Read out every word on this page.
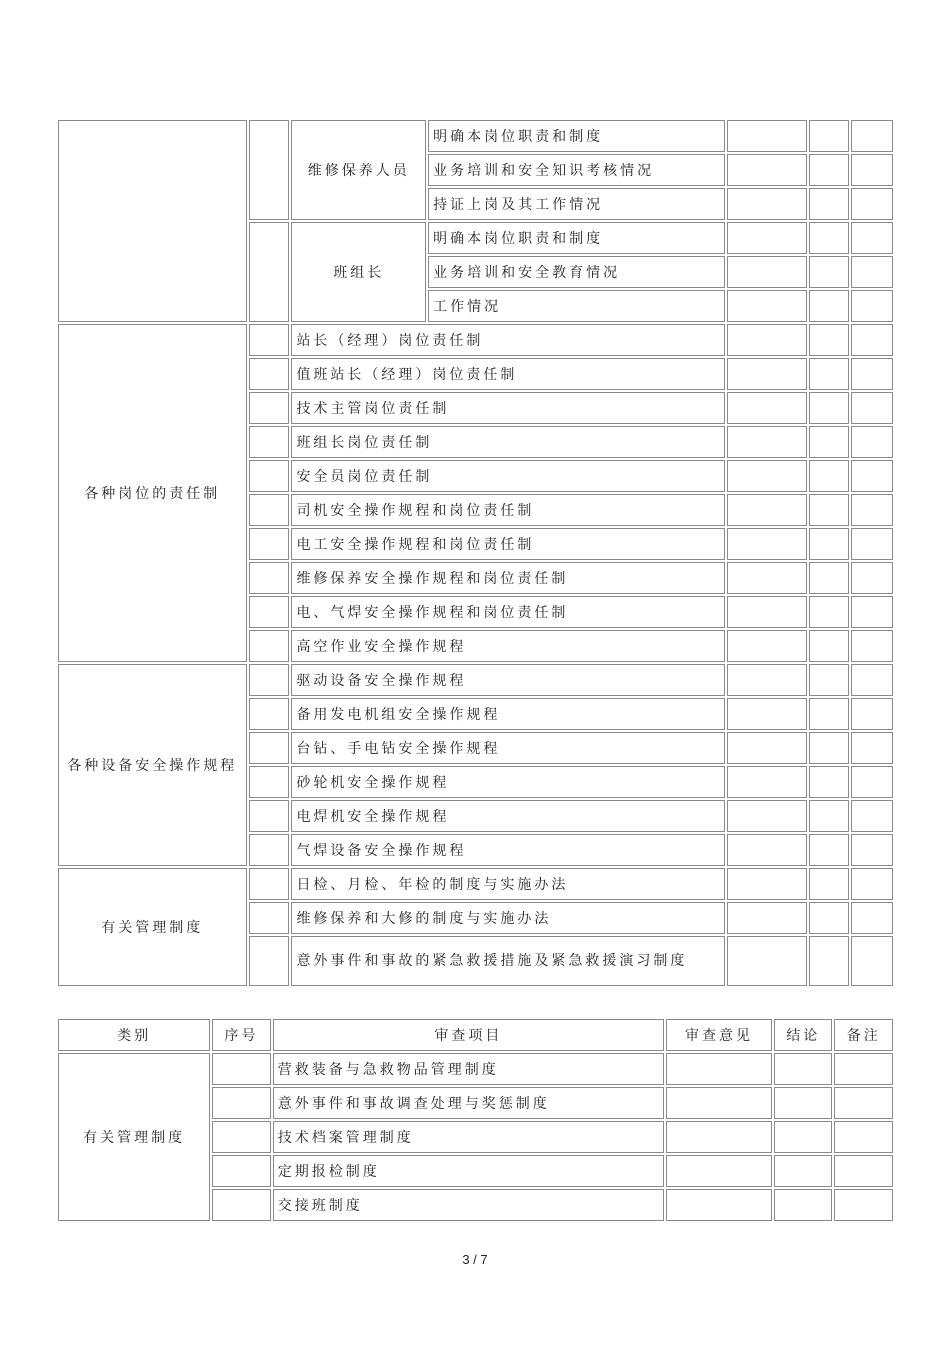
		维修保养人员	明确本岗位职责和制度			
			业务培训和安全知识考核情况			
			持证上岗及其工作情况			
		班组长	明确本岗位职责和制度			
			业务培训和安全教育情况			
			工作情况			
各种岗位的责任制		站长（经理）岗位责任制				
		值班站长（经理）岗位责任制				
		技术主管岗位责任制				
		班组长岗位责任制				
		安全员岗位责任制				
		司机安全操作规程和岗位责任制				
		电工安全操作规程和岗位责任制				
		维修保养安全操作规程和岗位责任制				
		电、气焊安全操作规程和岗位责任制				
		高空作业安全操作规程				
各种设备安全操作规程		驱动设备安全操作规程				
		备用发电机组安全操作规程				
		台钻、手电钻安全操作规程				
		砂轮机安全操作规程				
		电焊机安全操作规程				
		气焊设备安全操作规程				
有关管理制度		日检、月检、年检的制度与实施办法				
		维修保养和大修的制度与实施办法				
		意外事件和事故的紧急救援措施及紧急救援演习制度				
类别	序号	审查项目	审查意见	结论	备注
有关管理制度		营救装备与急救物品管理制度			
		意外事件和事故调查处理与奖惩制度			
		技术档案管理制度			
		定期报检制度			
		交接班制度			
3 / 7
